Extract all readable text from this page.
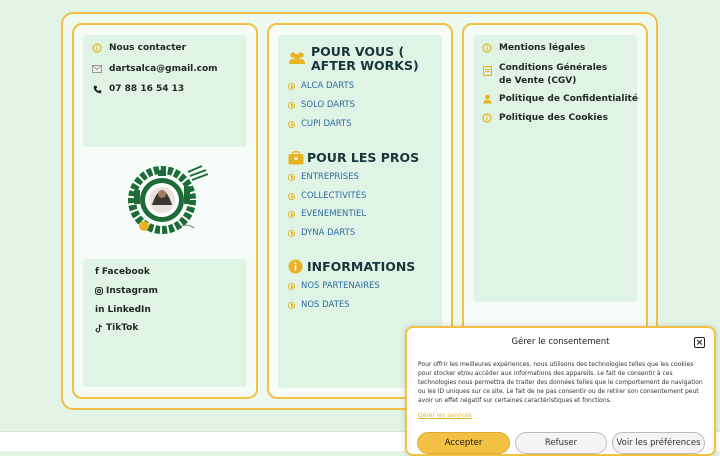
Nous contacter
dartsalca@gmail.com
07 88 16 54 13
f Facebook
Instagram
in LinkedIn
TikTok
POUR VOUS (
AFTER WORKS)
ALCA DARTS
SOLO DARTS
CUPI DARTS
POUR LES PROS
ENTREPRISES
COLLECTIVITÉS
EVENEMENTIEL
DYNA DARTS
INFORMATIONS
NOS PARTENAIRES
NOS DATES
Mentions légales
Conditions Générales de Vente (CGV)
Politique de Confidentialité
Politique des Cookies
Gérer le consentement	×
Pour offrir les meilleures expériences, nous utilisons des technologies telles que les cookies pour stocker et/ou accéder aux informations des appareils. Le fait de consentir à ces technologies nous permettra de traiter des données telles que le comportement de navigation ou les ID uniques sur ce site. Le fait de ne pas consentir ou de retirer son consentement peut avoir un effet négatif sur certaines caractéristiques et fonctions.
Gérer les services
Accepter	Refuser	Voir les préférences
